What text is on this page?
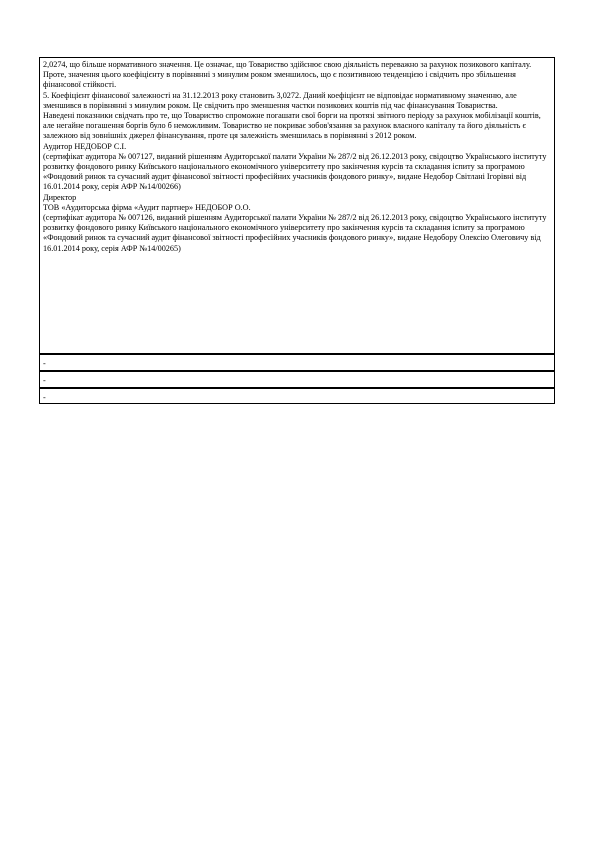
2,0274, що більше нормативного значення. Це означає, що Товариство здійснює свою діяльність переважно за рахунок позикового капіталу. Проте, значення цього коефіцієнту в порівнянні з минулим роком зменшилось, що є позитивною тенденцією і свідчить про збільшення фінансової стійкості.

5. Коефіцієнт фінансової залежності на 31.12.2013 року становить 3,0272. Даний коефіцієнт не відповідає нормативному значенню, але зменшився в порівнянні з минулим роком. Це свідчить про зменшення частки позикових коштів під час фінансування Товариства.

Наведені показники свідчать про те, що Товариство спроможне погашати свої борги на протязі звітного періоду за рахунок мобілізації коштів, але негайне погашення боргів було б неможливим. Товариство не покриває зобов'язання за рахунок власного капіталу та його діяльність є залежною від зовнішніх джерел фінансування, проте ця залежність зменшилась в порівнянні з 2012 роком.

Аудитор НЕДОБОР С.І.

(сертифікат аудитора № 007127, виданий рішенням Аудиторської палати України № 287/2 від 26.12.2013 року, свідоцтво Українського інституту розвитку фондового ринку Київського національного економічного університету про закінчення курсів та складання іспиту за програмою «Фондовий ринок та сучасний аудит фінансової звітності професійних учасників фондового ринку», видане Недобор Світлані Ігорівні від 16.01.2014 року, серія АФР №14/00266)

Директор

ТОВ «Аудиторська фірма «Аудит партнер» НЕДОБОР О.О.

(сертифікат аудитора № 007126, виданий рішенням Аудиторської палати України № 287/2 від 26.12.2013 року, свідоцтво Українського інституту розвитку фондового ринку Київського національного економічного університету про закінчення курсів та складання іспиту за програмою «Фондовий ринок та сучасний аудит фінансової звітності професійних учасників фондового ринку», видане Недобору Олексію Олеговичу від 16.01.2014 року, серія АФР №14/00265)

-
-
-
